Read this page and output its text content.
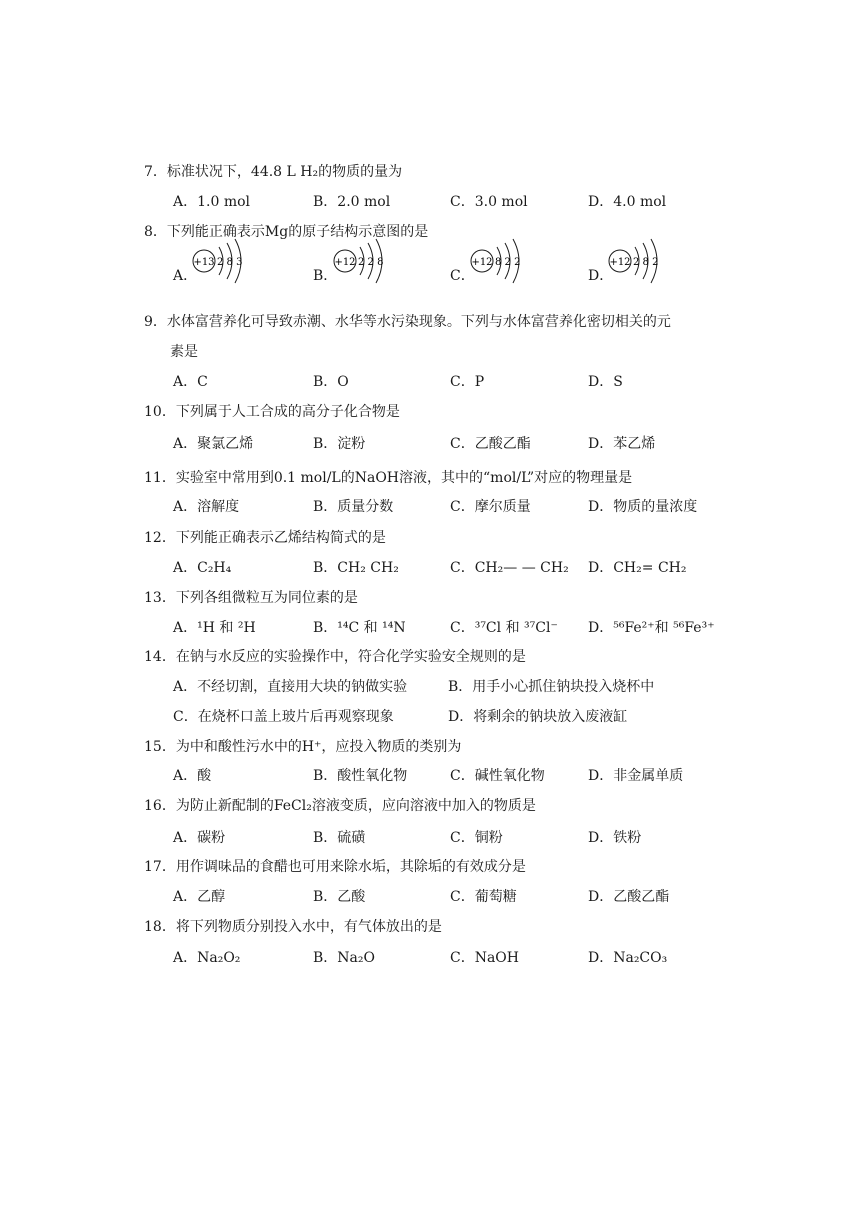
7．标准状况下，44.8 L H₂的物质的量为
A．1.0 mol	B．2.0 mol	C．3.0 mol	D．4.0 mol
8．下列能正确表示Mg的原子结构示意图的是
A．	B．	C．	D．
+13 2 8 3	+12 2 2 8	+12 8 2 2	+12 2 8 2
9．水体富营养化可导致赤潮、水华等水污染现象。下列与水体富营养化密切相关的元
素是
A．C	B．O	C．P	D．S
10．下列属于人工合成的高分子化合物是
A．聚氯乙烯	B．淀粉	C．乙酸乙酯	D．苯乙烯
11．实验室中常用到0.1 mol/L的NaOH溶液，其中的“mol/L”对应的物理量是
A．溶解度	B．质量分数	C．摩尔质量	D．物质的量浓度
12．下列能正确表示乙烯结构简式的是
A．C₂H₄	B．CH₂ CH₂	C．CH₂— — CH₂ D．CH₂= CH₂
13．下列各组微粒互为同位素的是
A．¹H 和 ²H	B．¹⁴C 和 ¹⁴N	C．³⁷Cl 和 ³⁷Cl⁻ D．⁵⁶Fe²⁺和 ⁵⁶Fe³⁺
14．在钠与水反应的实验操作中，符合化学实验安全规则的是
A．不经切割，直接用大块的钠做实验	B．用手小心抓住钠块投入烧杯中
C．在烧杯口盖上玻片后再观察现象	D．将剩余的钠块放入废液缸
15．为中和酸性污水中的H⁺，应投入物质的类别为
A．酸	B．酸性氧化物	C．碱性氧化物	D．非金属单质
16．为防止新配制的FeCl₂溶液变质，应向溶液中加入的物质是
A．碳粉	B．硫磺	C．铜粉	D．铁粉
17．用作调味品的食醋也可用来除水垢，其除垢的有效成分是
A．乙醇	B．乙酸	C．葡萄糖	D．乙酸乙酯
18．将下列物质分别投入水中，有气体放出的是
A．Na₂O₂	B．Na₂O	C．NaOH	D．Na₂CO₃
